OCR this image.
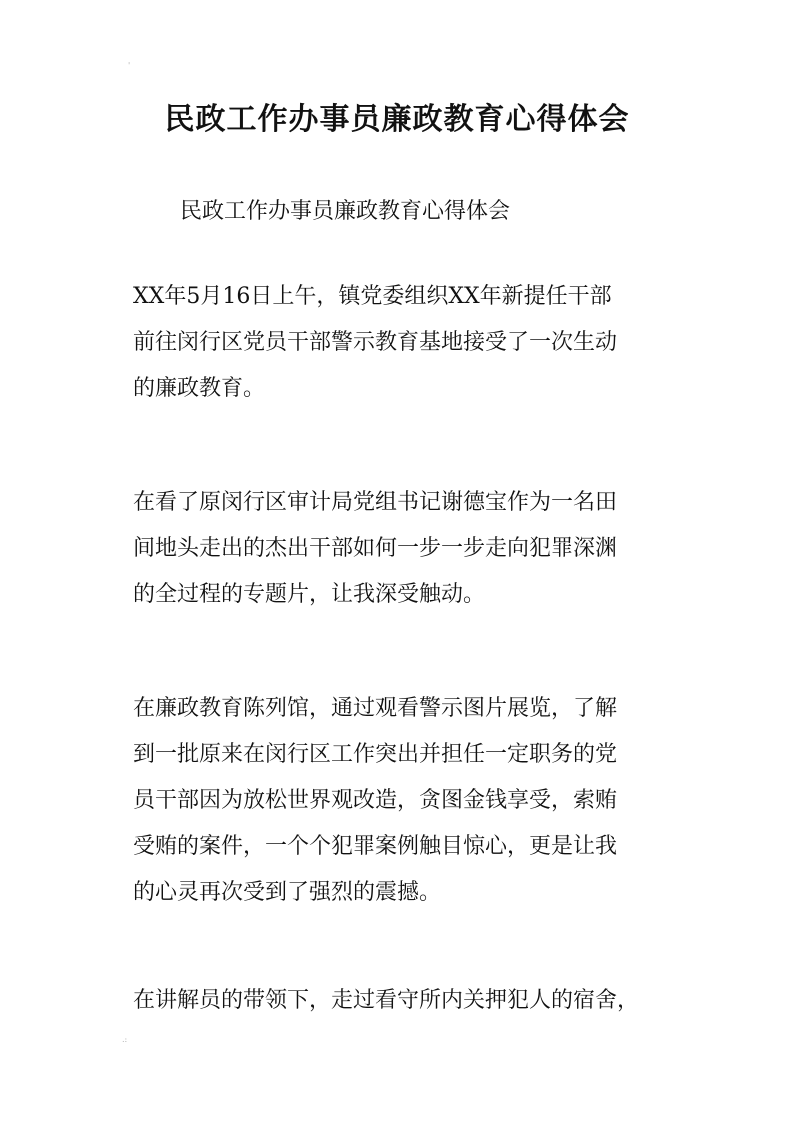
'
民政工作办事员廉政教育心得体会

民政工作办事员廉政教育心得体会

XX年5月16日上午，镇党委组织XX年新提任干部
前往闵行区党员干部警示教育基地接受了一次生动
的廉政教育。
在看了原闵行区审计局党组书记谢德宝作为一名田
间地头走出的杰出干部如何一步一步走向犯罪深渊
的全过程的专题片，让我深受触动。
在廉政教育陈列馆，通过观看警示图片展览，了解
到一批原来在闵行区工作突出并担任一定职务的党
员干部因为放松世界观改造，贪图金钱享受，索贿
受贿的案件，一个个犯罪案例触目惊心，更是让我
的心灵再次受到了强烈的震撼。
在讲解员的带领下，走过看守所内关押犯人的宿舍，
.:
